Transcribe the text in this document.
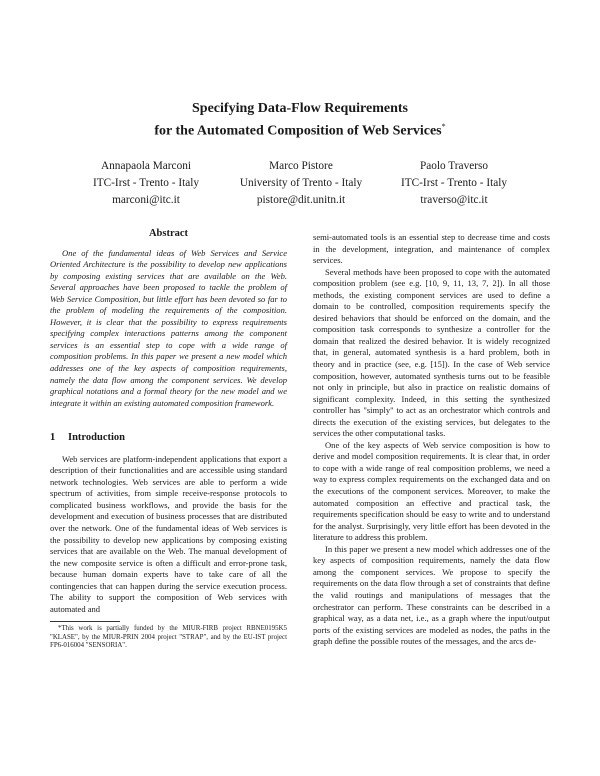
Specifying Data-Flow Requirements
for the Automated Composition of Web Services*
Annapaola Marconi
ITC-Irst - Trento - Italy
marconi@itc.it
Marco Pistore
University of Trento - Italy
pistore@dit.unitn.it
Paolo Traverso
ITC-Irst - Trento - Italy
traverso@itc.it
Abstract

One of the fundamental ideas of Web Services and Service Oriented Architecture is the possibility to develop new applications by composing existing services that are available on the Web. Several approaches have been proposed to tackle the problem of Web Service Composition, but little effort has been devoted so far to the problem of modeling the requirements of the composition. However, it is clear that the possibility to express requirements specifying complex interactions patterns among the component services is an essential step to cope with a wide range of composition problems. In this paper we present a new model which addresses one of the key aspects of composition requirements, namely the data flow among the component services. We develop graphical notations and a formal theory for the new model and we integrate it within an existing automated composition framework.

1 Introduction

Web services are platform-independent applications that export a description of their functionalities and are accessible using standard network technologies. Web services are able to perform a wide spectrum of activities, from simple receive-response protocols to complicated business workflows, and provide the basis for the development and execution of business processes that are distributed over the network. One of the fundamental ideas of Web services is the possibility to develop new applications by composing existing services that are available on the Web. The manual development of the new composite service is often a difficult and error-prone task, because human domain experts have to take care of all the contingencies that can happen during the service execution process. The ability to support the composition of Web services with automated and

*This work is partially funded by the MIUR-FIRB project RBNE0195K5 "KLASE", by the MIUR-PRIN 2004 project "STRAP", and by the EU-IST project FP6-016004 "SENSORIA".

semi-automated tools is an essential step to decrease time and costs in the development, integration, and maintenance of complex services.

Several methods have been proposed to cope with the automated composition problem (see e.g. [10, 9, 11, 13, 7, 2]). In all those methods, the existing component services are used to define a domain to be controlled, composition requirements specify the desired behaviors that should be enforced on the domain, and the composition task corresponds to synthesize a controller for the domain that realized the desired behavior. It is widely recognized that, in general, automated synthesis is a hard problem, both in theory and in practice (see, e.g. [15]). In the case of Web service composition, however, automated synthesis turns out to be feasible not only in principle, but also in practice on realistic domains of significant complexity. Indeed, in this setting the synthesized controller has "simply" to act as an orchestrator which controls and directs the execution of the existing services, but delegates to the services the other computational tasks.

One of the key aspects of Web service composition is how to derive and model composition requirements. It is clear that, in order to cope with a wide range of real composition problems, we need a way to express complex requirements on the exchanged data and on the executions of the component services. Moreover, to make the automated composition an effective and practical task, the requirements specification should be easy to write and to understand for the analyst. Surprisingly, very little effort has been devoted in the literature to address this problem.

In this paper we present a new model which addresses one of the key aspects of composition requirements, namely the data flow among the component services. We propose to specify the requirements on the data flow through a set of constraints that define the valid routings and manipulations of messages that the orchestrator can perform. These constraints can be described in a graphical way, as a data net, i.e., as a graph where the input/output ports of the existing services are modeled as nodes, the paths in the graph define the possible routes of the messages, and the arcs de-
